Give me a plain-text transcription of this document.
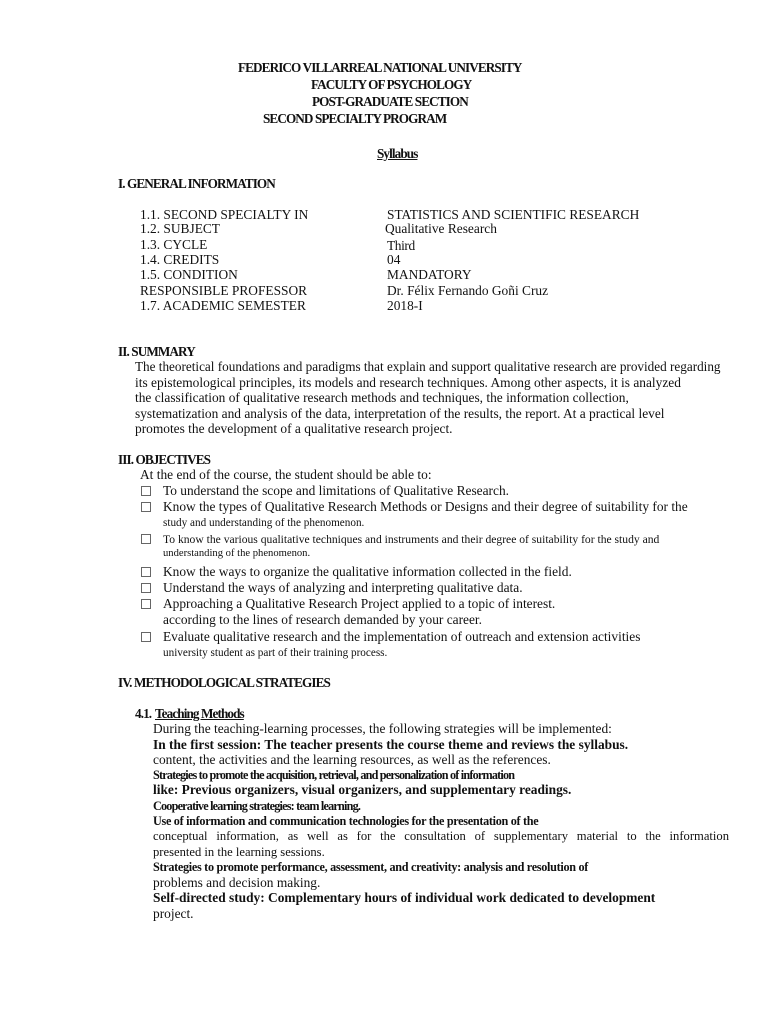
FEDERICO VILLARREAL NATIONAL UNIVERSITY
FACULTY OF PSYCHOLOGY
POST-GRADUATE SECTION
SECOND SPECIALTY PROGRAM
Syllabus
I. GENERAL INFORMATION
1.1. SECOND SPECIALTY IN	STATISTICS AND SCIENTIFIC RESEARCH
1.2. SUBJECT	Qualitative Research
1.3. CYCLE	Third
1.4. CREDITS	04
1.5. CONDITION	MANDATORY
RESPONSIBLE PROFESSOR	Dr. Félix Fernando Goñi Cruz
1.7. ACADEMIC SEMESTER	2018-I
II. SUMMARY
The theoretical foundations and paradigms that explain and support qualitative research are provided regarding
its epistemological principles, its models and research techniques. Among other aspects, it is analyzed
the classification of qualitative research methods and techniques, the information collection,
systematization and analysis of the data, interpretation of the results, the report. At a practical level
promotes the development of a qualitative research project.
III. OBJECTIVES
At the end of the course, the student should be able to:
To understand the scope and limitations of Qualitative Research.
Know the types of Qualitative Research Methods or Designs and their degree of suitability for the
study and understanding of the phenomenon.
To know the various qualitative techniques and instruments and their degree of suitability for the study and
understanding of the phenomenon.
Know the ways to organize the qualitative information collected in the field.
Understand the ways of analyzing and interpreting qualitative data.
Approaching a Qualitative Research Project applied to a topic of interest.
according to the lines of research demanded by your career.
Evaluate qualitative research and the implementation of outreach and extension activities
university student as part of their training process.
IV. METHODOLOGICAL STRATEGIES
4.1. Teaching Methods
During the teaching-learning processes, the following strategies will be implemented:
In the first session: The teacher presents the course theme and reviews the syllabus.
content, the activities and the learning resources, as well as the references.
Strategies to promote the acquisition, retrieval, and personalization of information
like: Previous organizers, visual organizers, and supplementary readings.
Cooperative learning strategies: team learning.
Use of information and communication technologies for the presentation of the
conceptual information, as well as for the consultation of supplementary material to the information
presented in the learning sessions.
Strategies to promote performance, assessment, and creativity: analysis and resolution of
problems and decision making.
Self-directed study: Complementary hours of individual work dedicated to development
project.
